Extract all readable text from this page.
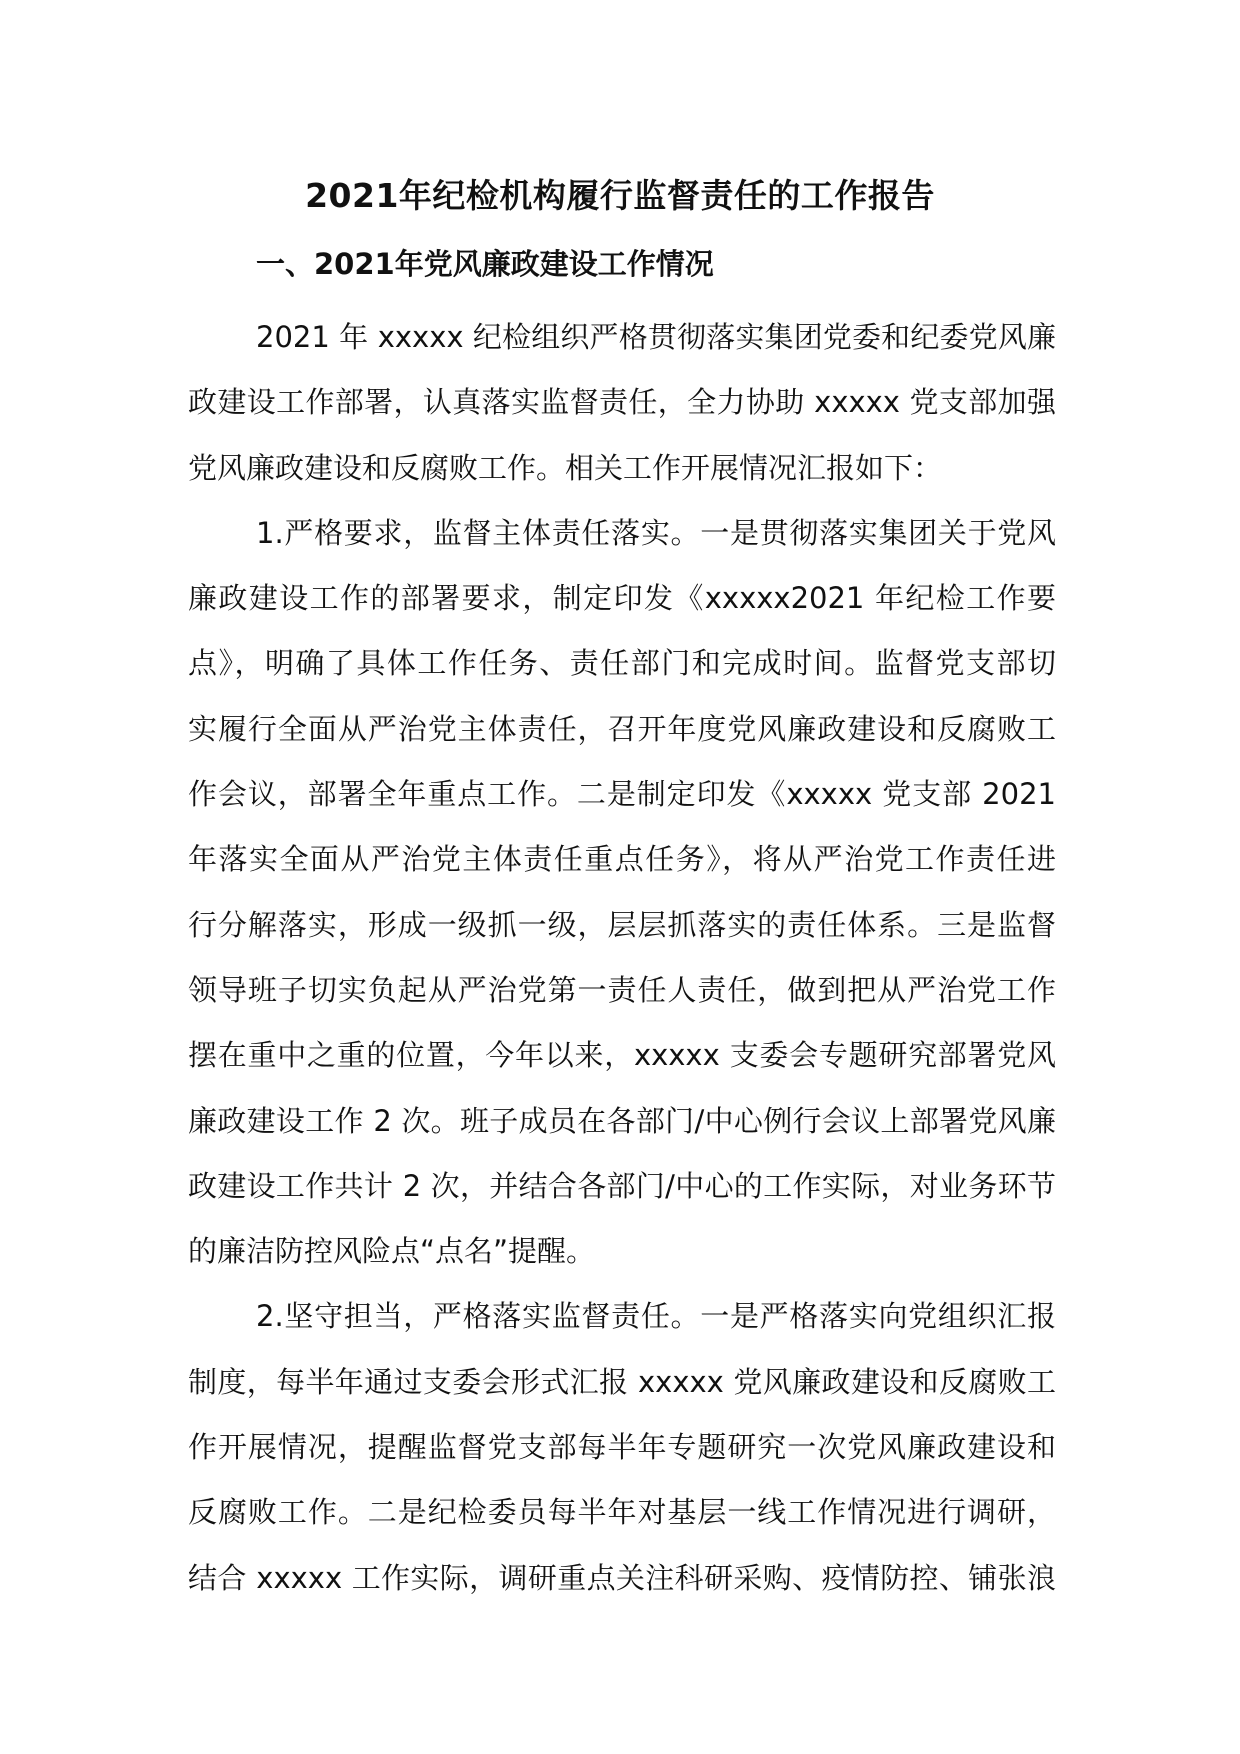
2021年纪检机构履行监督责任的工作报告
一、2021年党风廉政建设工作情况
2021 年 xxxxx 纪检组织严格贯彻落实集团党委和纪委党风廉
政建设工作部署，认真落实监督责任，全力协助 xxxxx 党支部加强
党风廉政建设和反腐败工作。相关工作开展情况汇报如下：
1.严格要求，监督主体责任落实。一是贯彻落实集团关于党风
廉政建设工作的部署要求，制定印发《xxxxx2021 年纪检工作要
点》，明确了具体工作任务、责任部门和完成时间。监督党支部切
实履行全面从严治党主体责任，召开年度党风廉政建设和反腐败工
作会议，部署全年重点工作。二是制定印发《xxxxx 党支部 2021
年落实全面从严治党主体责任重点任务》，将从严治党工作责任进
行分解落实，形成一级抓一级，层层抓落实的责任体系。三是监督
领导班子切实负起从严治党第一责任人责任，做到把从严治党工作
摆在重中之重的位置，今年以来，xxxxx 支委会专题研究部署党风
廉政建设工作 2 次。班子成员在各部门/中心例行会议上部署党风廉
政建设工作共计 2 次，并结合各部门/中心的工作实际，对业务环节
的廉洁防控风险点“点名”提醒。
2.坚守担当，严格落实监督责任。一是严格落实向党组织汇报
制度，每半年通过支委会形式汇报 xxxxx 党风廉政建设和反腐败工
作开展情况，提醒监督党支部每半年专题研究一次党风廉政建设和
反腐败工作。二是纪检委员每半年对基层一线工作情况进行调研，
结合 xxxxx 工作实际，调研重点关注科研采购、疫情防控、铺张浪
